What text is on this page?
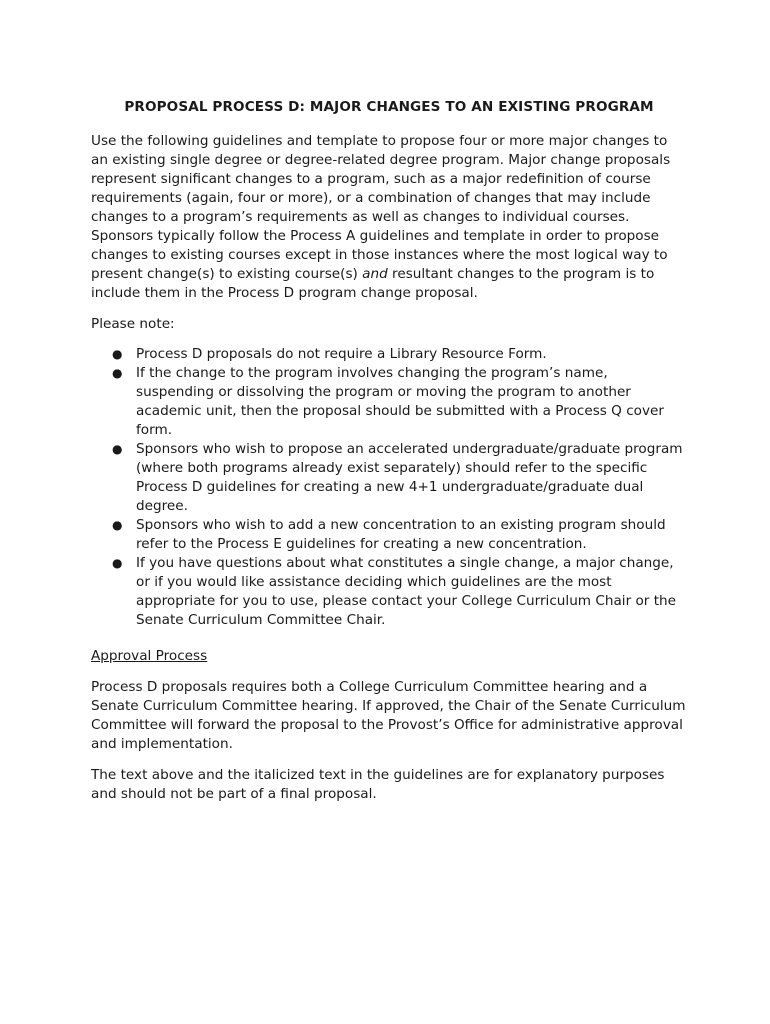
PROPOSAL PROCESS D: MAJOR CHANGES TO AN EXISTING PROGRAM

Use the following guidelines and template to propose four or more major changes to an existing single degree or degree-related degree program. Major change proposals represent significant changes to a program, such as a major redefinition of course requirements (again, four or more), or a combination of changes that may include changes to a program’s requirements as well as changes to individual courses. Sponsors typically follow the Process A guidelines and template in order to propose changes to existing courses except in those instances where the most logical way to present change(s) to existing course(s) and resultant changes to the program is to include them in the Process D program change proposal.

Please note:

● Process D proposals do not require a Library Resource Form.
● If the change to the program involves changing the program’s name, suspending or dissolving the program or moving the program to another academic unit, then the proposal should be submitted with a Process Q cover form.
● Sponsors who wish to propose an accelerated undergraduate/graduate program (where both programs already exist separately) should refer to the specific Process D guidelines for creating a new 4+1 undergraduate/graduate dual degree.
● Sponsors who wish to add a new concentration to an existing program should refer to the Process E guidelines for creating a new concentration.
● If you have questions about what constitutes a single change, a major change, or if you would like assistance deciding which guidelines are the most appropriate for you to use, please contact your College Curriculum Chair or the Senate Curriculum Committee Chair.

Approval Process

Process D proposals requires both a College Curriculum Committee hearing and a Senate Curriculum Committee hearing. If approved, the Chair of the Senate Curriculum Committee will forward the proposal to the Provost’s Office for administrative approval and implementation.

The text above and the italicized text in the guidelines are for explanatory purposes and should not be part of a final proposal.
